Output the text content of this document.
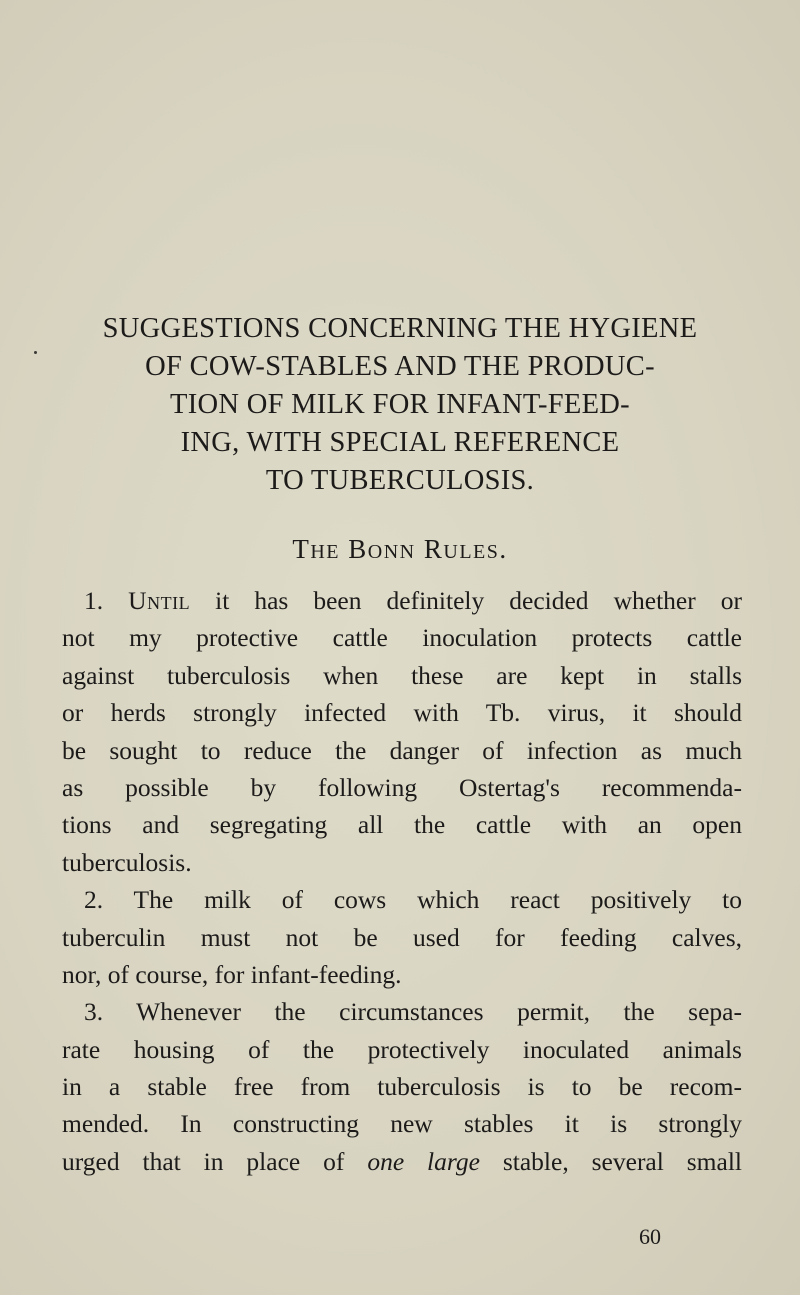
SUGGESTIONS CONCERNING THE HYGIENE
OF COW-STABLES AND THE PRODUC-
TION OF MILK FOR INFANT-FEED-
ING, WITH SPECIAL REFERENCE
TO TUBERCULOSIS.
THE BONN RULES.
1. Until it has been definitely decided whether or
not my protective cattle inoculation protects cattle
against tuberculosis when these are kept in stalls
or herds strongly infected with Tb. virus, it should
be sought to reduce the danger of infection as much
as possible by following Ostertag's recommenda-
tions and segregating all the cattle with an open
tuberculosis.
2. The milk of cows which react positively to
tuberculin must not be used for feeding calves,
nor, of course, for infant-feeding.
3. Whenever the circumstances permit, the sepa-
rate housing of the protectively inoculated animals
in a stable free from tuberculosis is to be recom-
mended. In constructing new stables it is strongly
urged that in place of one large stable, several small
60
